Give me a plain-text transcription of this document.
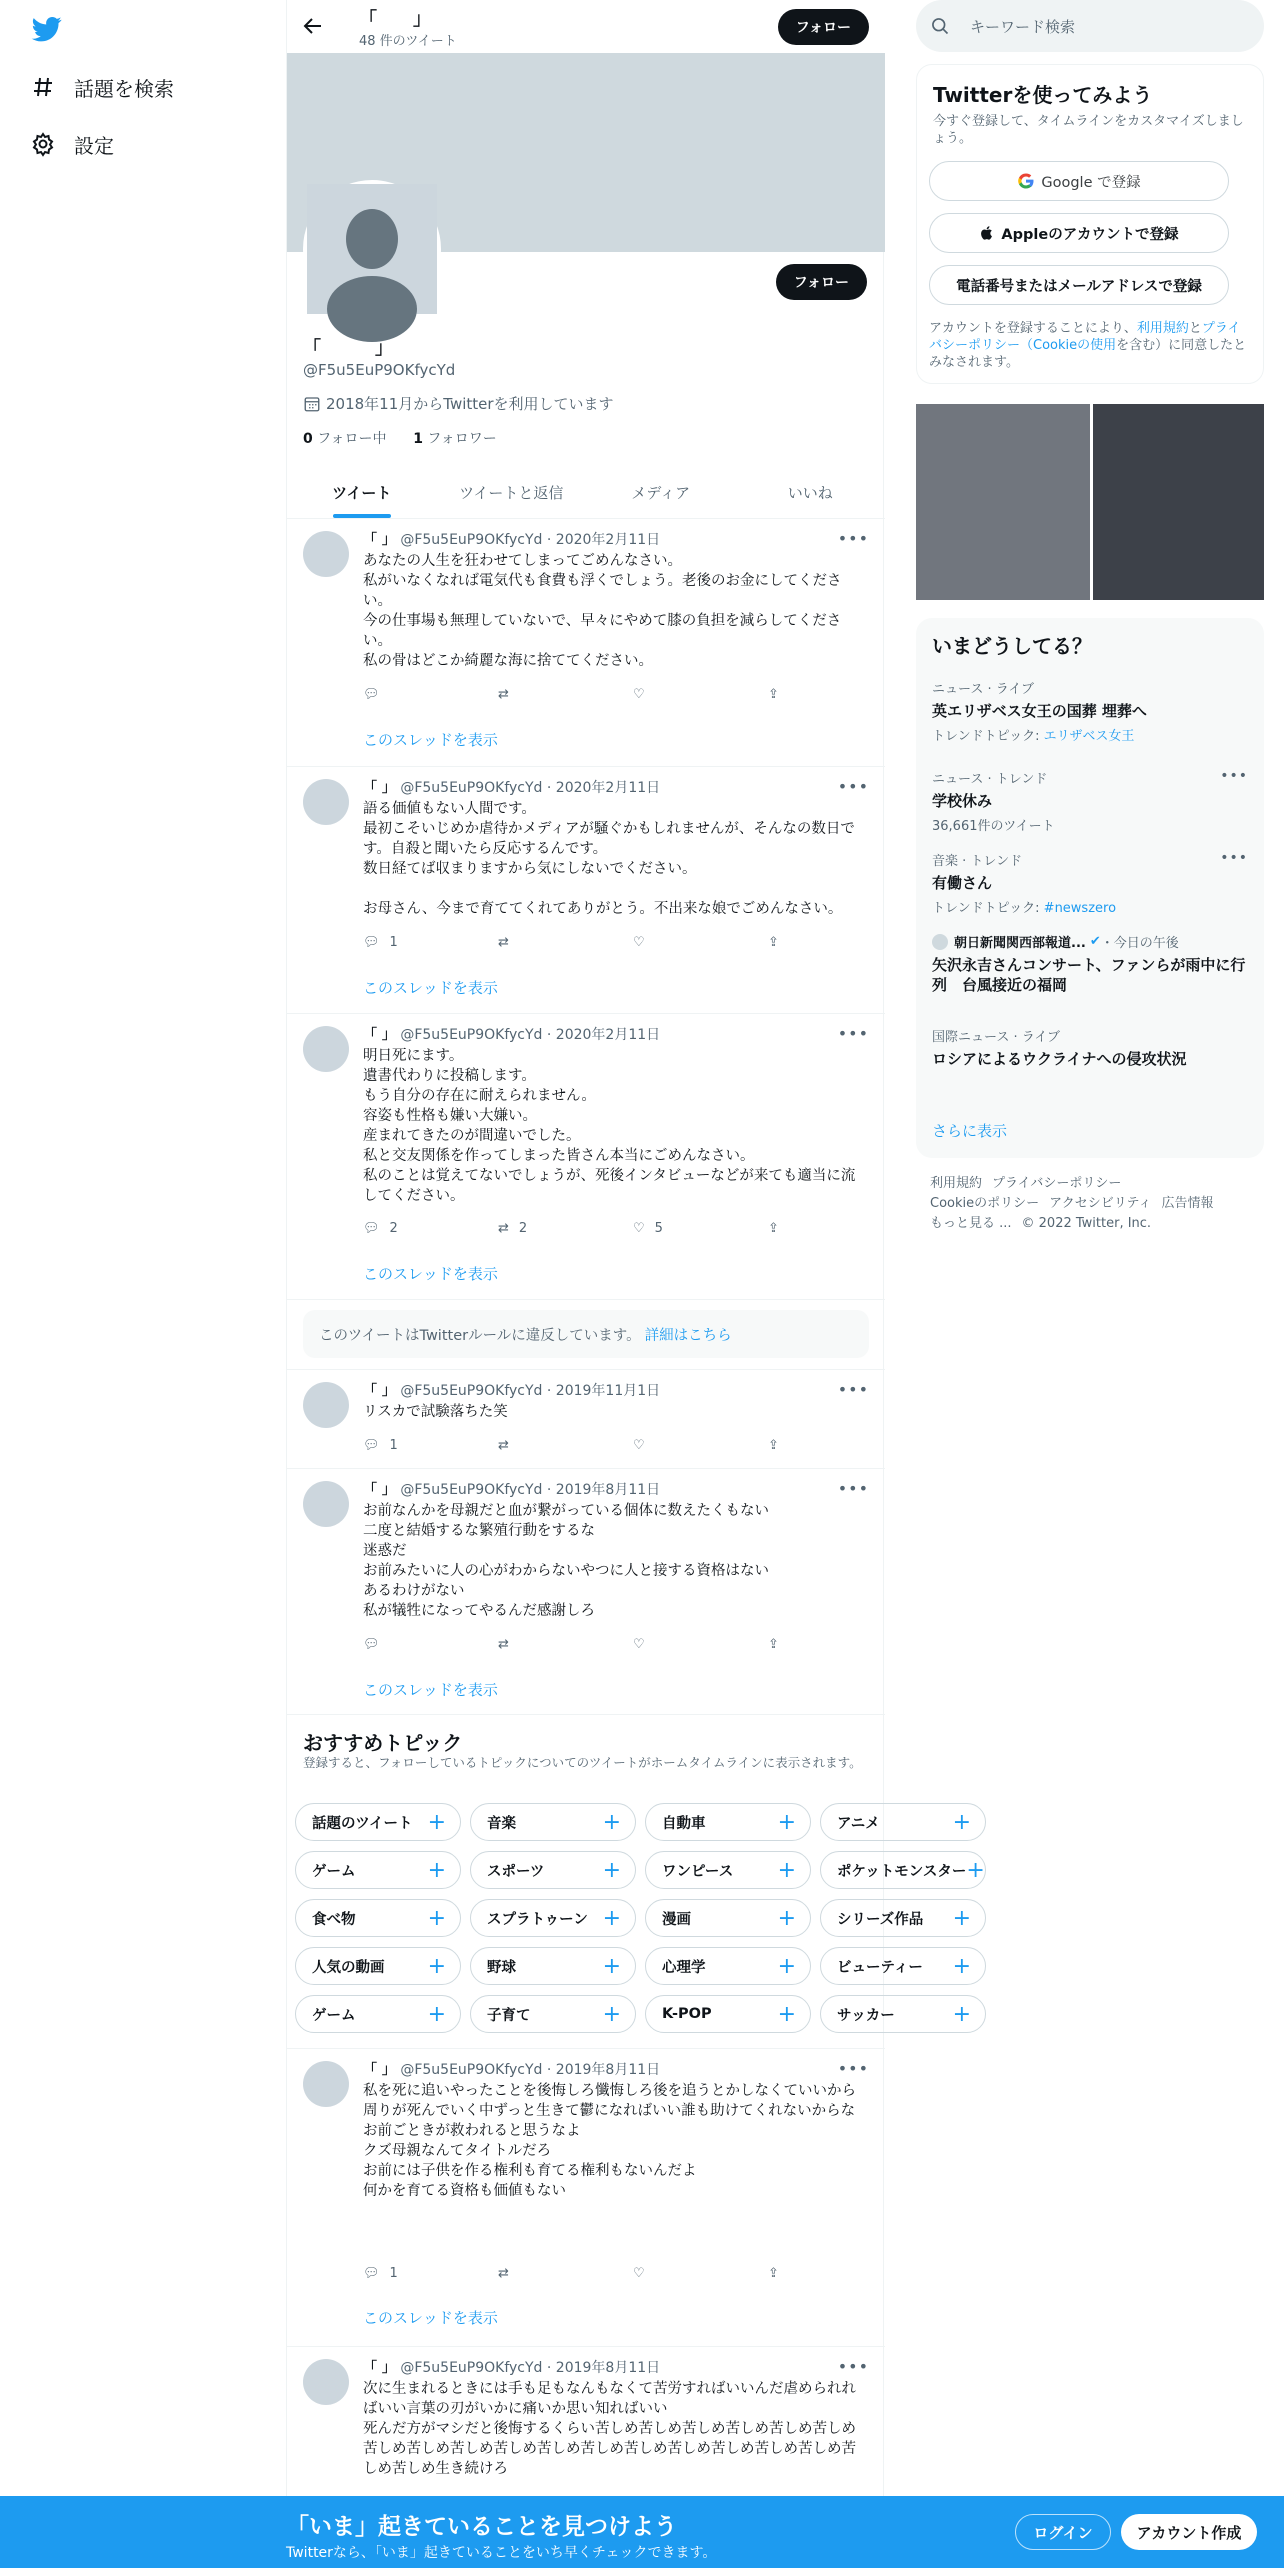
話題を検索
設定
「　　」
48 件のツイート
フォロー
フォロー
「　　　」
@F5u5EuP9OKfycYd
2018年11月からTwitterを利用しています
0 フォロー中 1 フォロワー
ツイート	ツイートと返信	メディア	いいね
「 」 @F5u5EuP9OKfycYd · 2020年2月11日	•••
あなたの人生を狂わせてしまってごめんなさい。
私がいなくなれば電気代も食費も浮くでしょう。老後のお金にしてください。
今の仕事場も無理していないで、早々にやめて膝の負担を減らしてください。
私の骨はどこか綺麗な海に捨ててください。
💬︎	⇄	♡	⇪
このスレッドを表示
「 」 @F5u5EuP9OKfycYd · 2020年2月11日	•••
語る価値もない人間です。
最初こそいじめか虐待かメディアが騒ぐかもしれませんが、そんなの数日です。自殺と聞いたら反応するんです。
数日経てば収まりますから気にしないでください。

お母さん、今まで育ててくれてありがとう。不出来な娘でごめんなさい。
💬︎ 1	⇄	♡	⇪
このスレッドを表示
「 」 @F5u5EuP9OKfycYd · 2020年2月11日	•••
明日死にます。
遺書代わりに投稿します。
もう自分の存在に耐えられません。
容姿も性格も嫌い大嫌い。
産まれてきたのが間違いでした。
私と交友関係を作ってしまった皆さん本当にごめんなさい。
私のことは覚えてないでしょうが、死後インタビューなどが来ても適当に流してください。
💬︎ 2	⇄ 2	♡ 5	⇪
このスレッドを表示
このツイートはTwitterルールに違反しています。 詳細はこちら
「 」 @F5u5EuP9OKfycYd · 2019年11月1日	•••
リスカで試験落ちた笑
💬︎ 1	⇄	♡	⇪
「 」 @F5u5EuP9OKfycYd · 2019年8月11日	•••
お前なんかを母親だと血が繋がっている個体に数えたくもない
二度と結婚するな繁殖行動をするな
迷惑だ
お前みたいに人の心がわからないやつに人と接する資格はない
あるわけがない
私が犠牲になってやるんだ感謝しろ
💬︎	⇄	♡	⇪
このスレッドを表示
おすすめトピック
登録すると、フォローしているトピックについてのツイートがホームタイムラインに表示されます。
話題のツイート +	音楽	+	自動車	+	アニメ	+
ゲーム	+	スポーツ	+	ワンピース +	ポケットモンスター +
食べ物	+	スプラトゥーン +	漫画	+	シリーズ作品 +
人気の動画 +	野球	+	心理学	+	ビューティー +
ゲーム	+	子育て	+	K-POP	+	サッカー	+
「 」 @F5u5EuP9OKfycYd · 2019年8月11日	•••
私を死に追いやったことを後悔しろ懺悔しろ後を追うとかしなくていいから
周りが死んでいく中ずっと生きて鬱になればいい誰も助けてくれないからな
お前ごときが救われると思うなよ
クズ母親なんてタイトルだろ
お前には子供を作る権利も育てる権利もないんだよ
何かを育てる資格も価値もない
💬︎ 1	⇄	♡	⇪
このスレッドを表示
「 」 @F5u5EuP9OKfycYd · 2019年8月11日	•••
次に生まれるときには手も足もなんもなくて苦労すればいいんだ虐められればいい言葉の刃がいかに痛いか思い知ればいい
死んだ方がマシだと後悔するくらい苦しめ苦しめ苦しめ苦しめ苦しめ苦しめ苦しめ苦しめ苦しめ苦しめ苦しめ苦しめ苦しめ苦しめ苦しめ苦しめ苦しめ苦しめ苦しめ生き続けろ
キーワード検索
Twitterを使ってみよう
今すぐ登録して、タイムラインをカスタマイズしましょう。
Google で登録
Appleのアカウントで登録
電話番号またはメールアドレスで登録
アカウントを登録することにより、利用規約とプライバシーポリシー（Cookieの使用を含む）に同意したとみなされます。
いまどうしてる？
ニュース · ライブ
英エリザベス女王の国葬 埋葬へ
トレンドトピック: エリザベス女王
•••
ニュース · トレンド
学校休み
36,661件のツイート
•••
音楽 · トレンド
有働さん
トレンドトピック: #newszero
朝日新聞関西部報道... ✔ ・今日の午後
矢沢永吉さんコンサート、ファンらが雨中に行列　台風接近の福岡
国際ニュース · ライブ
ロシアによるウクライナへの侵攻状況
さらに表示
利用規約 プライバシーポリシー
Cookieのポリシー アクセシビリティ 広告情報
もっと見る ... © 2022 Twitter, Inc.
「いま」起きていることを見つけよう
Twitterなら、「いま」起きていることをいち早くチェックできます。
ログイン	アカウント作成
